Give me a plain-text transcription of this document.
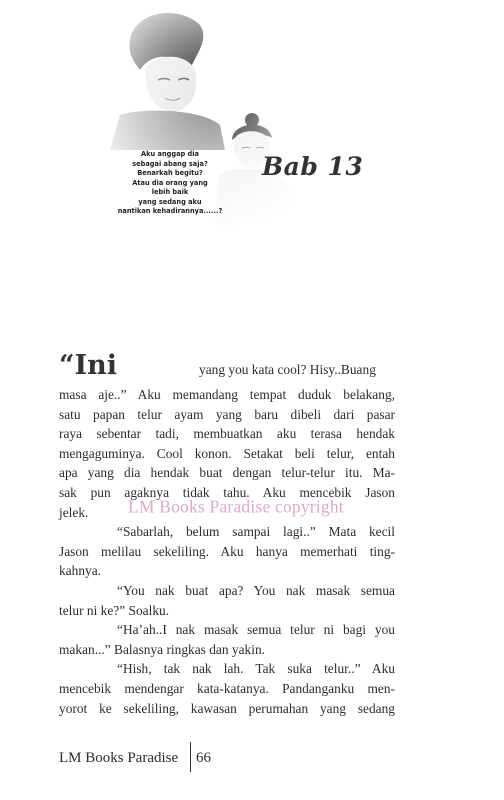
Aku anggap dia
sebagai abang saja?
Benarkah begitu?
Atau dia orang yang
lebih baik
yang sedang aku
nantikan kehadirannya......?
Bab 13
“Ini	yang you kata cool? Hisy..Buang
masa aje..” Aku memandang tempat duduk belakang,
satu papan telur ayam yang baru dibeli dari pasar
raya sebentar tadi, membuatkan aku terasa hendak
mengaguminya. Cool konon. Setakat beli telur, entah
apa yang dia hendak buat dengan telur-telur itu. Ma-
sak pun agaknya tidak tahu. Aku mencebik Jason
jelek.
“Sabarlah, belum sampai lagi..” Mata kecil
Jason melilau sekeliling. Aku hanya memerhati ting-
kahnya.
“You nak buat apa? You nak masak semua
telur ni ke?” Soalku.
“Ha’ah..I nak masak semua telur ni bagi you
makan...” Balasnya ringkas dan yakin.
“Hish, tak nak lah. Tak suka telur..” Aku
mencebik mendengar kata-katanya. Pandanganku men-
yorot ke sekeliling, kawasan perumahan yang sedang
LM Books Paradise copyright
LM Books Paradise 66
